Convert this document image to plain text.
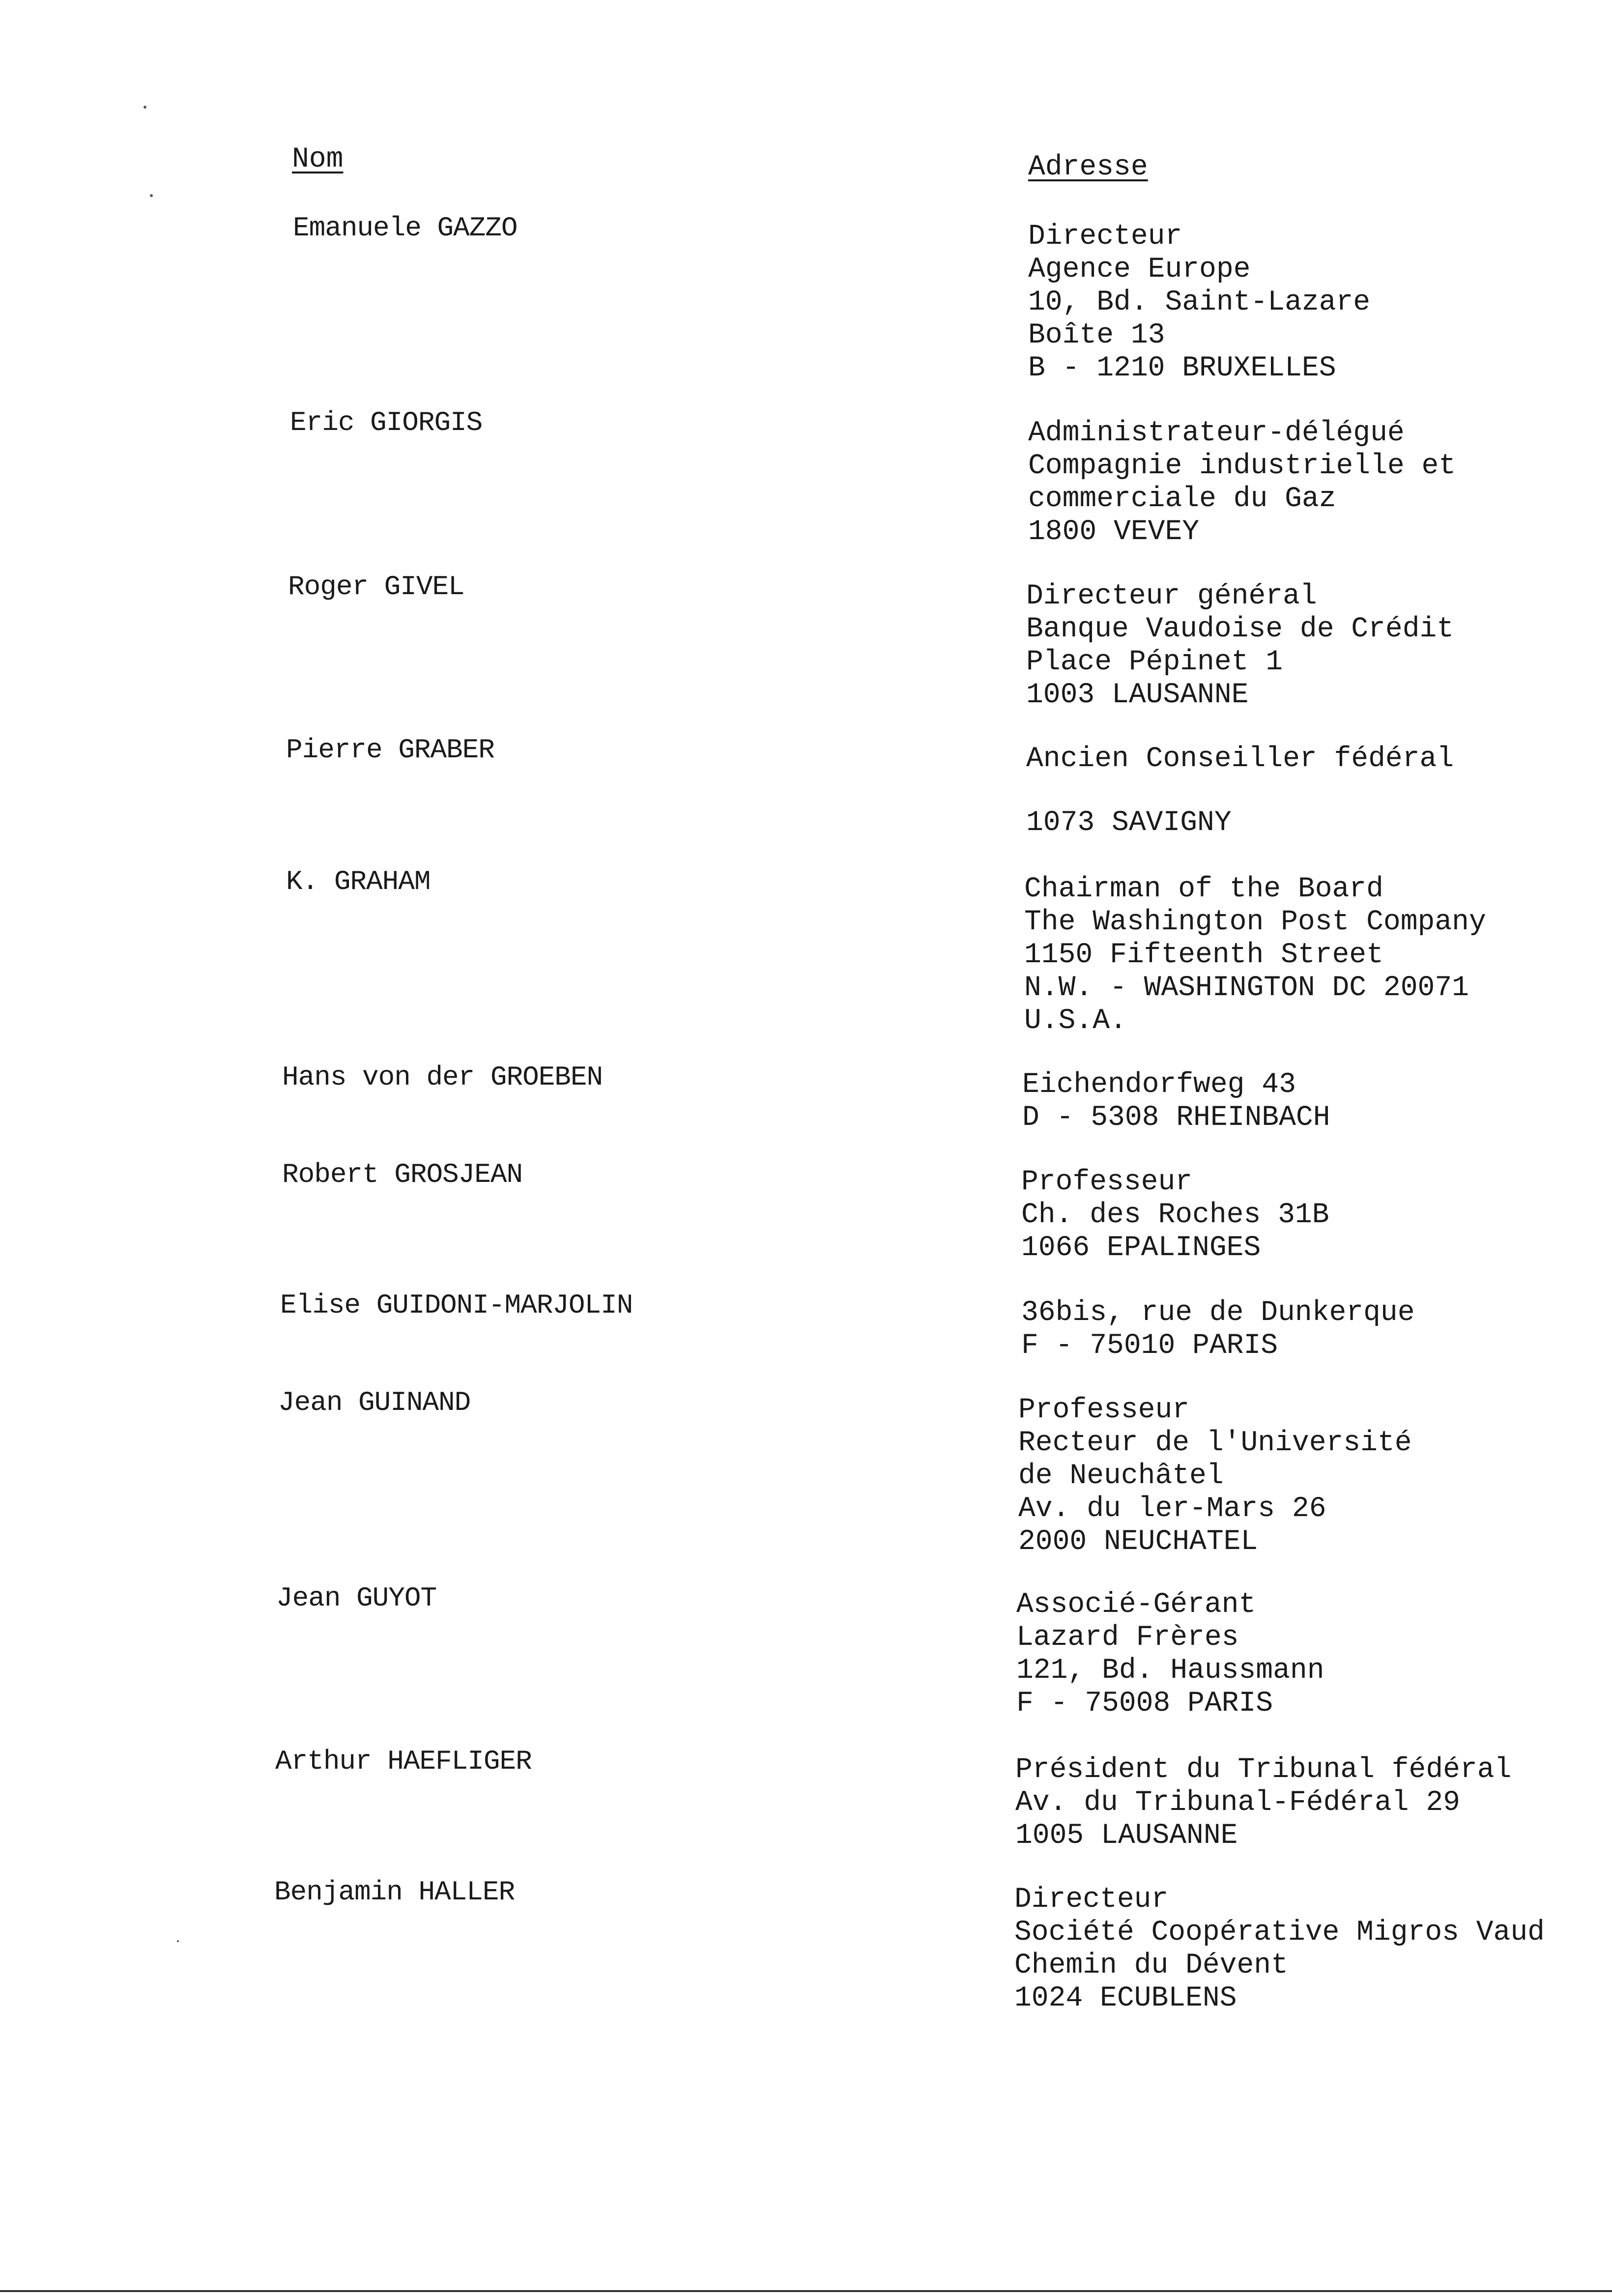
Nom	Adresse
Emanuele GAZZO	Directeur
Agence Europe
10, Bd. Saint-Lazare
Boîte 13
B - 1210 BRUXELLES
Eric GIORGIS	Administrateur-délégué
Compagnie industrielle et
commerciale du Gaz
1800 VEVEY
Roger GIVEL	Directeur général
Banque Vaudoise de Crédit
Place Pépinet 1
1003 LAUSANNE
Pierre GRABER	Ancien Conseiller fédéral
1073 SAVIGNY
K. GRAHAM	Chairman of the Board
The Washington Post Company
1150 Fifteenth Street
N.W. - WASHINGTON DC 20071
U.S.A.
Hans von der GROEBEN	Eichendorfweg 43
D - 5308 RHEINBACH
Robert GROSJEAN	Professeur
Ch. des Roches 31B
1066 EPALINGES
Elise GUIDONI-MARJOLIN	36bis, rue de Dunkerque
F - 75010 PARIS
Jean GUINAND	Professeur
Recteur de l'Université
de Neuchâtel
Av. du ler-Mars 26
2000 NEUCHATEL
Jean GUYOT	Associé-Gérant
Lazard Frères
121, Bd. Haussmann
F - 75008 PARIS
Arthur HAEFLIGER	Président du Tribunal fédéral
Av. du Tribunal-Fédéral 29
1005 LAUSANNE
Benjamin HALLER	Directeur
Société Coopérative Migros Vaud
Chemin du Dévent
1024 ECUBLENS
